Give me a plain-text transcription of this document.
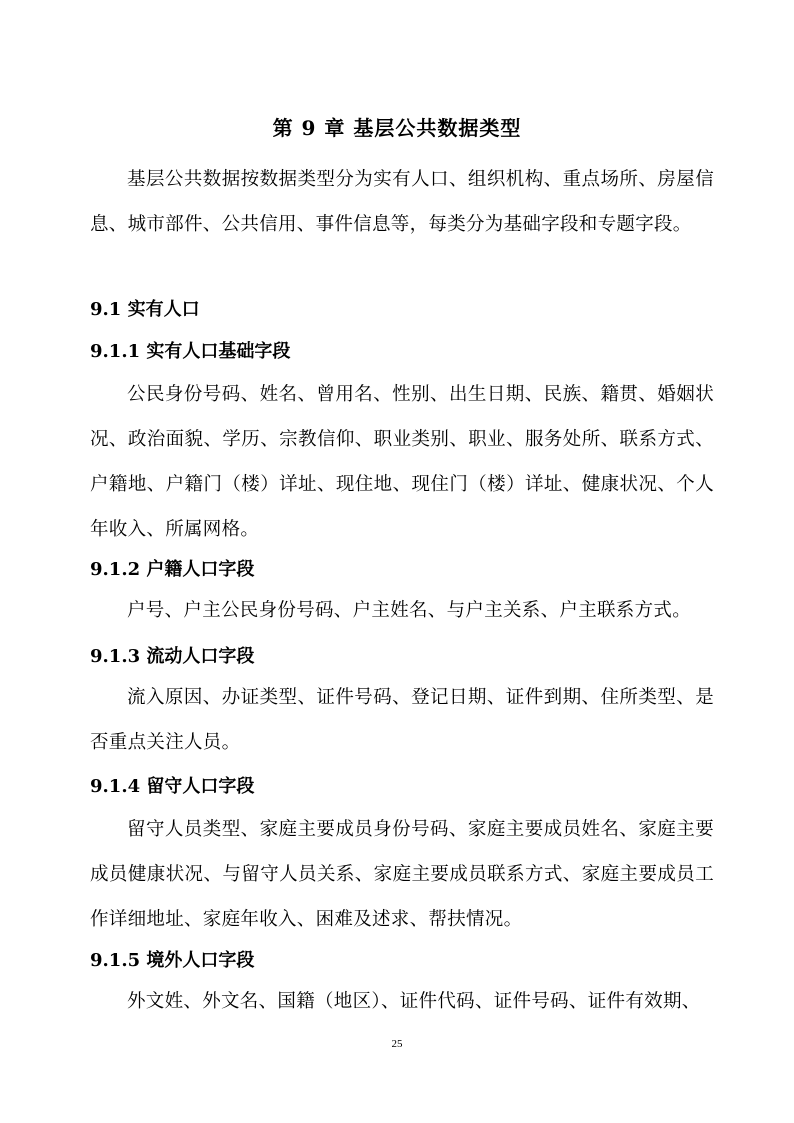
第 9 章 基层公共数据类型

基层公共数据按数据类型分为实有人口、组织机构、重点场所、房屋信息、城市部件、公共信用、事件信息等，每类分为基础字段和专题字段。

9.1 实有人口
9.1.1 实有人口基础字段

公民身份号码、姓名、曾用名、性别、出生日期、民族、籍贯、婚姻状况、政治面貌、学历、宗教信仰、职业类别、职业、服务处所、联系方式、户籍地、户籍门（楼）详址、现住地、现住门（楼）详址、健康状况、个人年收入、所属网格。

9.1.2 户籍人口字段

户号、户主公民身份号码、户主姓名、与户主关系、户主联系方式。

9.1.3 流动人口字段

流入原因、办证类型、证件号码、登记日期、证件到期、住所类型、是否重点关注人员。

9.1.4 留守人口字段

留守人员类型、家庭主要成员身份号码、家庭主要成员姓名、家庭主要成员健康状况、与留守人员关系、家庭主要成员联系方式、家庭主要成员工作详细地址、家庭年收入、困难及述求、帮扶情况。

9.1.5 境外人口字段

外文姓、外文名、国籍（地区）、证件代码、证件号码、证件有效期、

25
